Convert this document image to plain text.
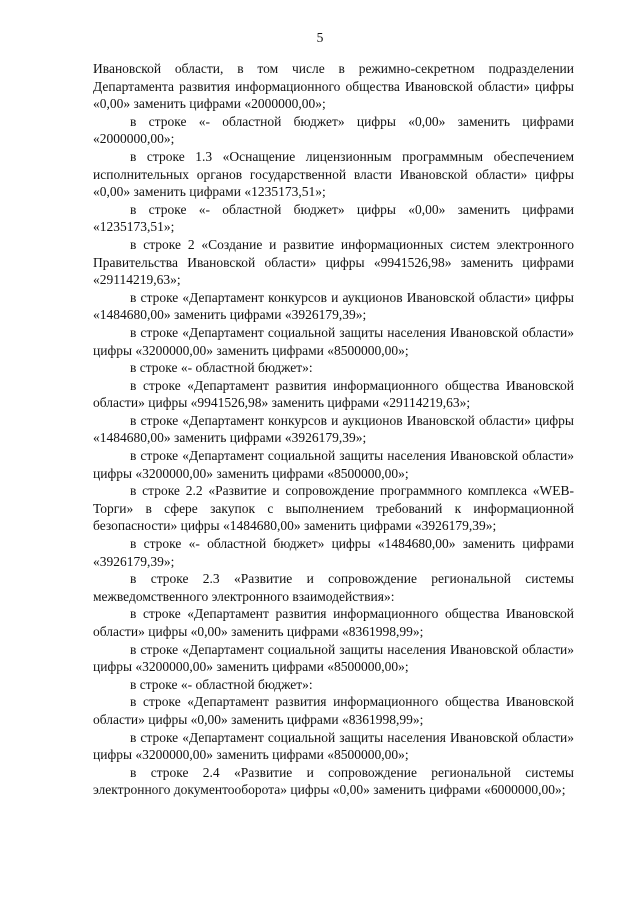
5

Ивановской области, в том числе в режимно-секретном подразделении Департамента развития информационного общества Ивановской области» цифры «0,00» заменить цифрами «2000000,00»;

в строке «- областной бюджет» цифры «0,00» заменить цифрами «2000000,00»;

в строке 1.3 «Оснащение лицензионным программным обеспечением исполнительных органов государственной власти Ивановской области» цифры «0,00» заменить цифрами «1235173,51»;

в строке «- областной бюджет» цифры «0,00» заменить цифрами «1235173,51»;

в строке 2 «Создание и развитие информационных систем электронного Правительства Ивановской области» цифры «9941526,98» заменить цифрами «29114219,63»;

в строке «Департамент конкурсов и аукционов Ивановской области» цифры «1484680,00» заменить цифрами «3926179,39»;

в строке «Департамент социальной защиты населения Ивановской области» цифры «3200000,00» заменить цифрами «8500000,00»;

в строке «- областной бюджет»:

в строке «Департамент развития информационного общества Ивановской области» цифры «9941526,98» заменить цифрами «29114219,63»;

в строке «Департамент конкурсов и аукционов Ивановской области» цифры «1484680,00» заменить цифрами «3926179,39»;

в строке «Департамент социальной защиты населения Ивановской области» цифры «3200000,00» заменить цифрами «8500000,00»;

в строке 2.2 «Развитие и сопровождение программного комплекса «WEB-Торги» в сфере закупок с выполнением требований к информационной безопасности» цифры «1484680,00» заменить цифрами «3926179,39»;

в строке «- областной бюджет» цифры «1484680,00» заменить цифрами «3926179,39»;

в строке 2.3 «Развитие и сопровождение региональной системы межведомственного электронного взаимодействия»:

в строке «Департамент развития информационного общества Ивановской области» цифры «0,00» заменить цифрами «8361998,99»;

в строке «Департамент социальной защиты населения Ивановской области» цифры «3200000,00» заменить цифрами «8500000,00»;

в строке «- областной бюджет»:

в строке «Департамент развития информационного общества Ивановской области» цифры «0,00» заменить цифрами «8361998,99»;

в строке «Департамент социальной защиты населения Ивановской области» цифры «3200000,00» заменить цифрами «8500000,00»;

в строке 2.4 «Развитие и сопровождение региональной системы электронного документооборота» цифры «0,00» заменить цифрами «6000000,00»;
